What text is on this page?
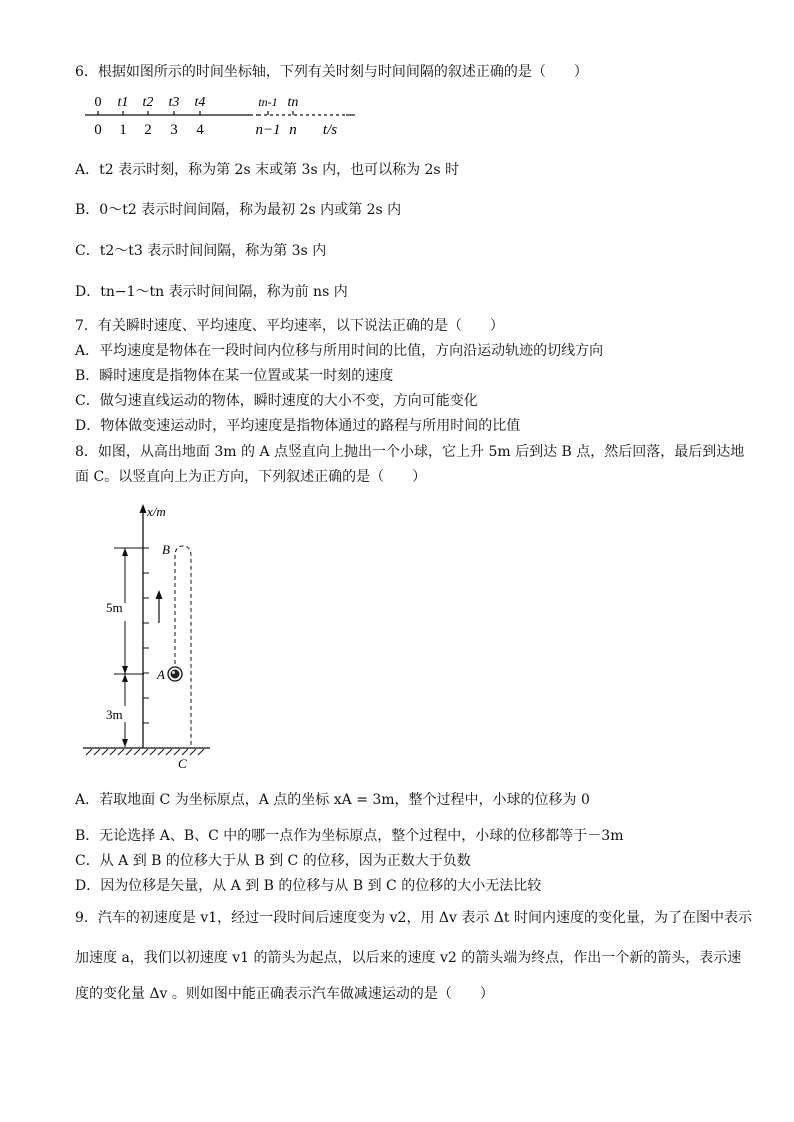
6．根据如图所示的时间坐标轴，下列有关时刻与时间间隔的叙述正确的是（　　）
0 t1 t2 t3 t4	tn-1 tn
0 1 2 3 4	n−1 n t/s
A．t2 表示时刻，称为第 2s 末或第 3s 内，也可以称为 2s 时
B．0～t2 表示时间间隔，称为最初 2s 内或第 2s 内
C．t2～t3 表示时间间隔，称为第 3s 内
D．tn−1～tn 表示时间间隔，称为前 ns 内
7．有关瞬时速度、平均速度、平均速率，以下说法正确的是（　　）
A．平均速度是物体在一段时间内位移与所用时间的比值，方向沿运动轨迹的切线方向
B．瞬时速度是指物体在某一位置或某一时刻的速度
C．做匀速直线运动的物体，瞬时速度的大小不变，方向可能变化
D．物体做变速运动时，平均速度是指物体通过的路程与所用时间的比值
8．如图，从高出地面 3m 的 A 点竖直向上抛出一个小球，它上升 5m 后到达 B 点，然后回落，最后到达地
面 C。以竖直向上为正方向，下列叙述正确的是（　　）
x/m
5m
3m
A
B
C
A．若取地面 C 为坐标原点，A 点的坐标 xA = 3m，整个过程中，小球的位移为 0
B．无论选择 A、B、C 中的哪一点作为坐标原点，整个过程中，小球的位移都等于－3m
C．从 A 到 B 的位移大于从 B 到 C 的位移，因为正数大于负数
D．因为位移是矢量，从 A 到 B 的位移与从 B 到 C 的位移的大小无法比较
9．汽车的初速度是 v1，经过一段时间后速度变为 v2，用 Δv 表示 Δt 时间内速度的变化量，为了在图中表示
加速度 a，我们以初速度 v1 的箭头为起点，以后来的速度 v2 的箭头端为终点，作出一个新的箭头，表示速
度的变化量 Δv 。则如图中能正确表示汽车做减速运动的是（　　）
